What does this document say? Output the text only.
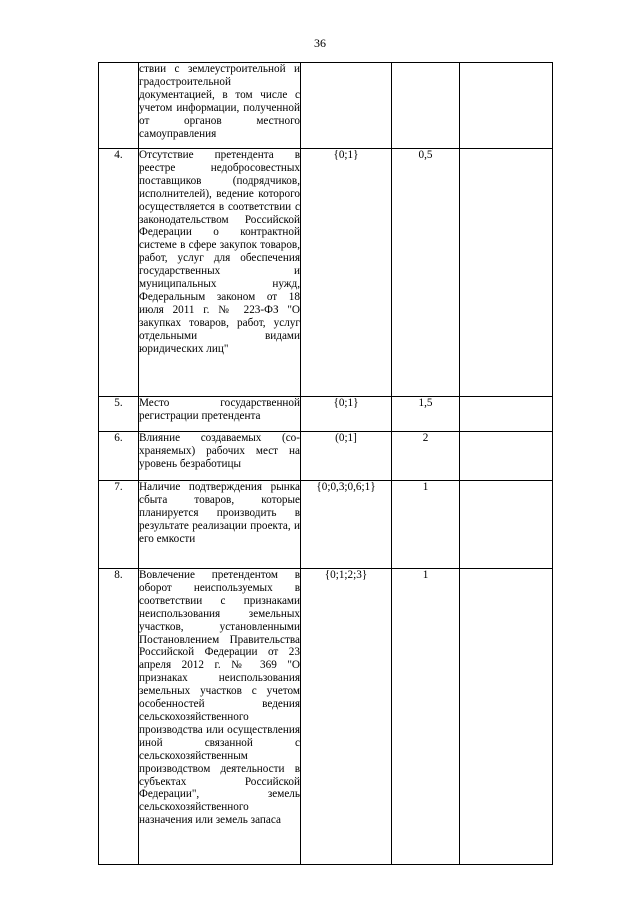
36

	ствии с землеустроительной и градостроительной документацией, в том числе с учетом информации, полученной от органов местного самоуправления			

4.	Отсутствие претендента в реестре недобросовестных поставщиков (подрядчиков, исполнителей), ведение которого осуществляется в соответствии с законодательством Российской Федерации о контрактной системе в сфере закупок товаров, работ, услуг для обеспечения государственных и муниципальных нужд, Федеральным законом от 18 июля 2011 г. № 223-ФЗ "О закупках товаров, работ, услуг отдельными видами юридических лиц"	{0;1}	0,5	
5.	Место государственной регистрации претендента	{0;1}	1,5	
6.	Влияние создаваемых (сохраняемых) рабочих мест на уровень безработицы	(0;1]	2	
7.	Наличие подтверждения рынка сбыта товаров, которые планируется производить в результате реализации проекта, и его емкости	{0;0,3;0,6;1}	1	
8.	Вовлечение претендентом в оборот неиспользуемых в соответствии с признаками неиспользования земельных участков, установленными Постановлением Правительства Российской Федерации от 23 апреля 2012 г. № 369 "О признаках неиспользования земельных участков с учетом особенностей ведения сельскохозяйственного производства или осуществления иной связанной с сельскохозяйственным производством деятельности в субъектах Российской Федерации", земель сельскохозяйственного назначения или земель запаса	{0;1;2;3}	1	
